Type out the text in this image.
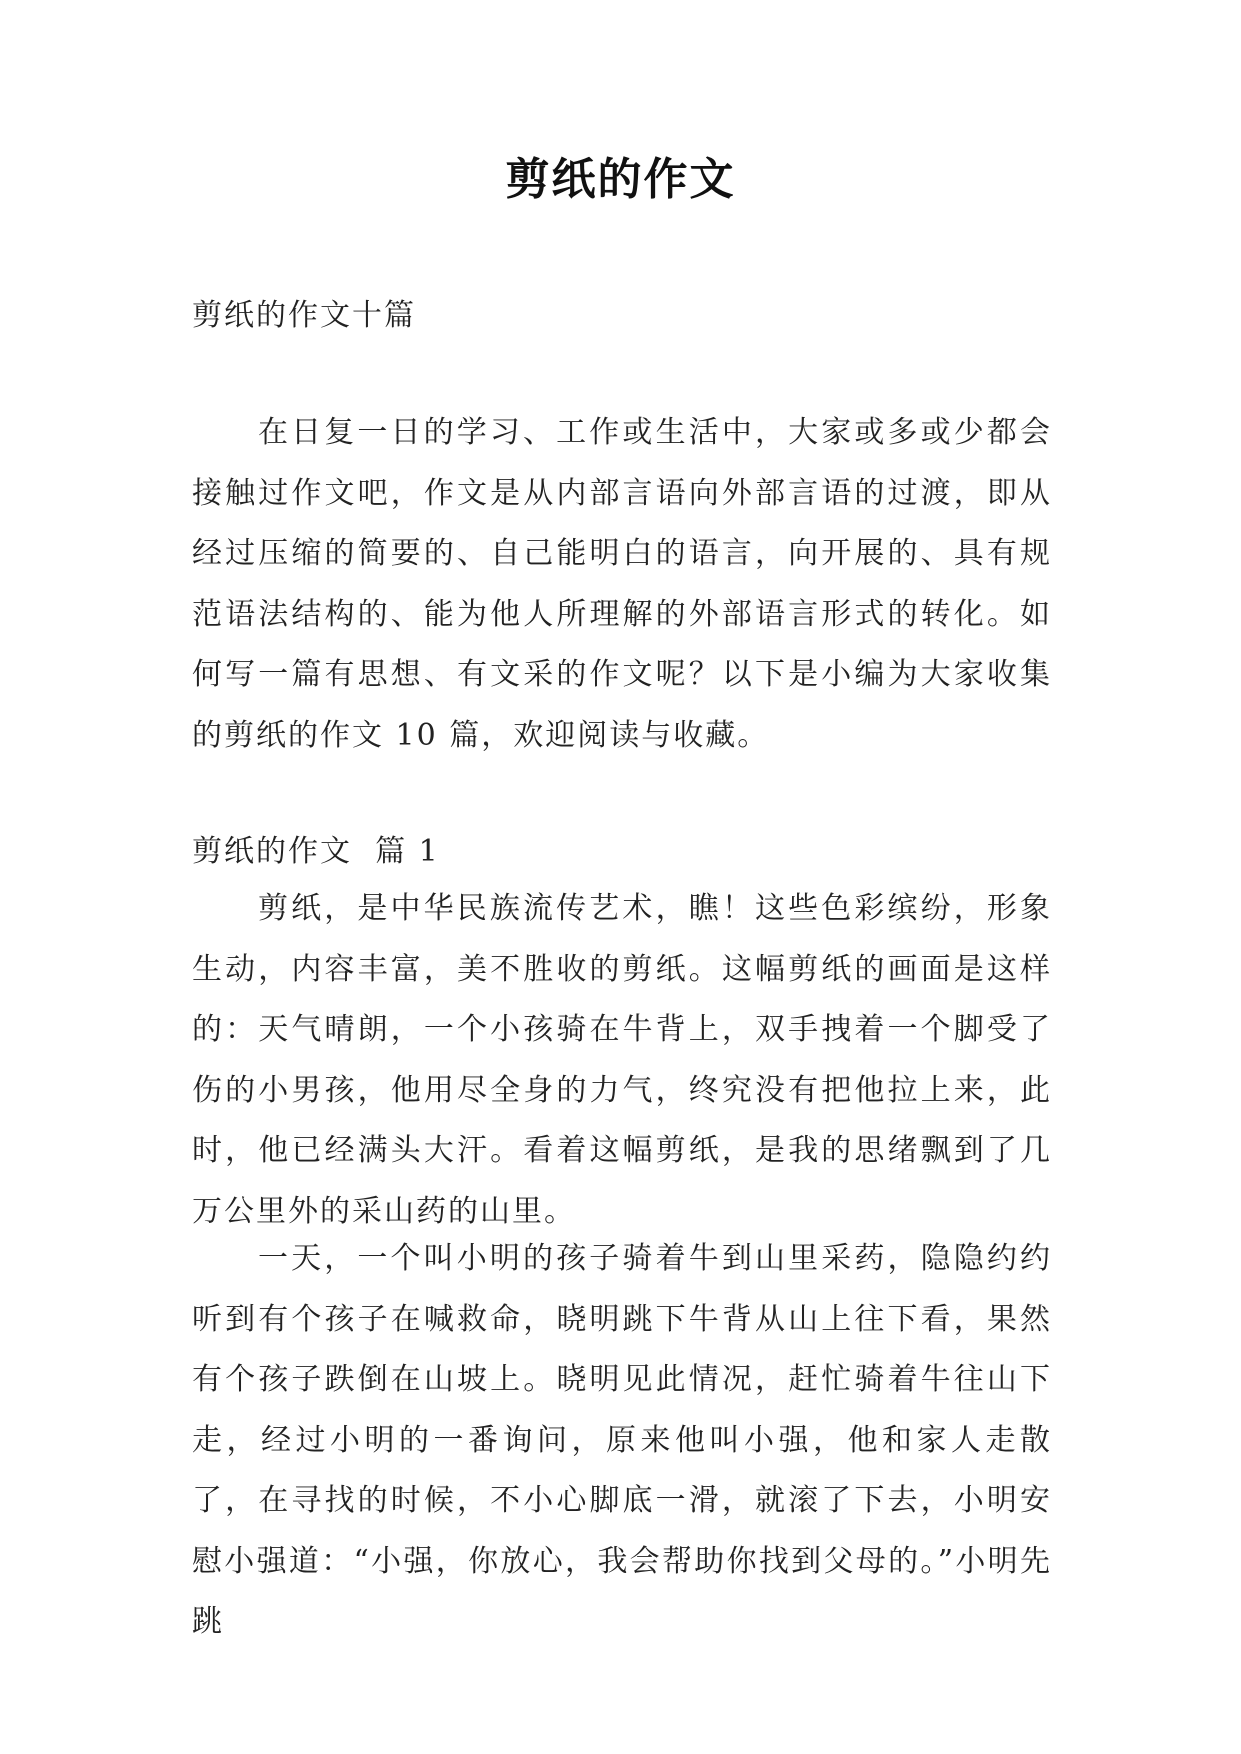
剪纸的作文

剪纸的作文十篇

在日复一日的学习、工作或生活中，大家或多或少都会接触过作文吧，作文是从内部言语向外部言语的过渡，即从经过压缩的简要的、自己能明白的语言，向开展的、具有规范语法结构的、能为他人所理解的外部语言形式的转化。如何写一篇有思想、有文采的作文呢？以下是小编为大家收集的剪纸的作文 10 篇，欢迎阅读与收藏。

剪纸的作文  篇 1

剪纸，是中华民族流传艺术，瞧！这些色彩缤纷，形象生动，内容丰富，美不胜收的剪纸。这幅剪纸的画面是这样的：天气晴朗，一个小孩骑在牛背上，双手拽着一个脚受了伤的小男孩，他用尽全身的力气，终究没有把他拉上来，此时，他已经满头大汗。看着这幅剪纸，是我的思绪飘到了几万公里外的采山药的山里。

一天，一个叫小明的孩子骑着牛到山里采药，隐隐约约听到有个孩子在喊救命，晓明跳下牛背从山上往下看，果然有个孩子跌倒在山坡上。晓明见此情况，赶忙骑着牛往山下走，经过小明的一番询问，原来他叫小强，他和家人走散了，在寻找的时候，不小心脚底一滑，就滚了下去，小明安慰小强道：“小强，你放心，我会帮助你找到父母的。”小明先跳
